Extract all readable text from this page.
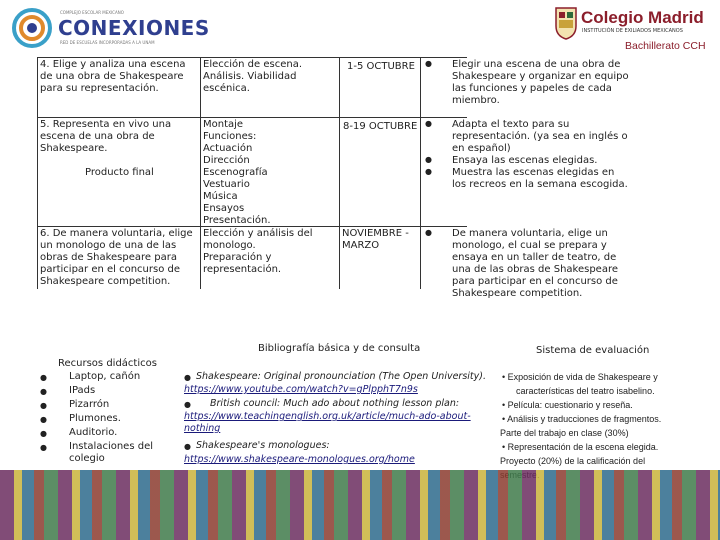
COMPLEJO ESCOLAR MEXICANO
CONEXIONES
RED DE ESCUELAS INCORPORADAS A LA UNAM
Colegio Madrid
INSTITUCIÓN DE EXILIADOS MEXICANOS
Bachillerato CCH
4. Elige y analiza una escena de una obra de Shakespeare para su representación.
Elección de escena. Análisis. Viabilidad escénica.
1-5 OCTUBRE	● Elegir una escena de una obra de Shakespeare y organizar en equipo las funciones y papeles de cada miembro.
5. Representa en vivo una escena de una obra de Shakespeare.
Producto final
Montaje
Funciones:
Actuación
Dirección
Escenografía
Vestuario
Música
Ensayos
Presentación.
8-19 OCTUBRE ● Adapta el texto para su representación. (ya sea en inglés o en español)
● Ensaya las escenas elegidas.
● Muestra las escenas elegidas en los recreos en la semana escogida.
6. De manera voluntaria, elige un monologo de una de las obras de Shakespeare para participar en el concurso de Shakespeare competition.
Elección y análisis del monologo.
Preparación y representación.
NOVIEMBRE - MARZO
● De manera voluntaria, elige un monologo, el cual se prepara y ensaya en un taller de teatro, de una de las obras de Shakespeare para participar en el concurso de Shakespeare competition.
Bibliografía básica y de consulta	Sistema de evaluación
Recursos didácticos
● Laptop, cañón
● IPads
● Pizarrón
● Plumones.
● Auditorio.
● Instalaciones del colegio
● Shakespeare: Original pronounciation (The Open University).
https://www.youtube.com/watch?v=gPlpphT7n9s
● British council: Much ado about nothing lesson plan:
https://www.teachingenglish.org.uk/article/much-ado-about-nothing
● Shakespeare's monologues:
https://www.shakespeare-monologues.org/home
• Exposición de vida de Shakespeare y
características del teatro isabelino.
• Película: cuestionario y reseña.
• Análisis y traducciones de fragmentos.
Parte del trabajo en clase (30%)
• Representación de la escena elegida.
Proyecto (20%) de la calificación del
